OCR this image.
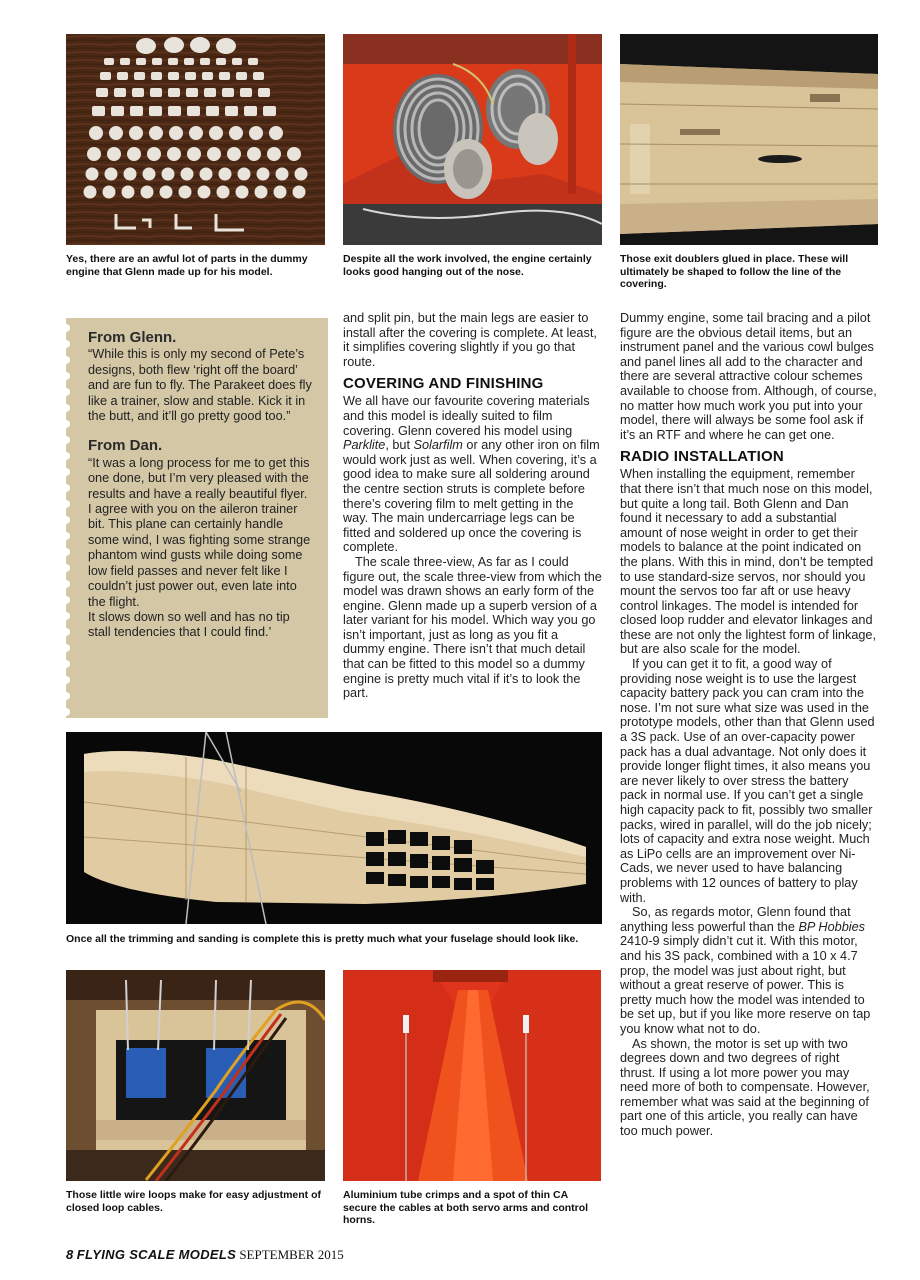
Yes, there are an awful lot of parts in the dummy engine that Glenn made up for his model.
Despite all the work involved, the engine certainly looks good hanging out of the nose.
Those exit doublers glued in place. These will ultimately be shaped to follow the line of the covering.
From Glenn.

“While this is only my second of Pete’s designs, both flew ‘right off the board’ and are fun to fly. The Parakeet does fly like a trainer, slow and stable. Kick it in the butt, and it’ll go pretty good too.”

From Dan.

“It was a long process for me to get this one done, but I’m very pleased with the results and have a really beautiful flyer. I agree with you on the aileron trainer bit. This plane can certainly handle some wind, I was fighting some strange phantom wind gusts while doing some low field passes and never felt like I couldn’t just power out, even late into the flight.

It slows down so well and has no tip stall tendencies that I could find.’

and split pin, but the main legs are easier to install after the covering is complete. At least, it simplifies covering slightly if you go that route.

COVERING AND FINISHING

We all have our favourite covering materials and this model is ideally suited to film covering. Glenn covered his model using Parklite, but Solarfilm or any other iron on film would work just as well. When covering, it’s a good idea to make sure all soldering around the centre section struts is complete before there’s covering film to melt getting in the way. The main undercarriage legs can be fitted and soldered up once the covering is complete.

The scale three-view, As far as I could figure out, the scale three-view from which the model was drawn shows an early form of the engine. Glenn made up a superb version of a later variant for his model. Which way you go isn’t important, just as long as you fit a dummy engine. There isn’t that much detail that can be fitted to this model so a dummy engine is pretty much vital if it’s to look the part.

Dummy engine, some tail bracing and a pilot figure are the obvious detail items, but an instrument panel and the various cowl bulges and panel lines all add to the character and there are several attractive colour schemes available to choose from. Although, of course, no matter how much work you put into your model, there will always be some fool ask if it’s an RTF and where he can get one.

RADIO INSTALLATION

When installing the equipment, remember that there isn’t that much nose on this model, but quite a long tail. Both Glenn and Dan found it necessary to add a substantial amount of nose weight in order to get their models to balance at the point indicated on the plans. With this in mind, don’t be tempted to use standard-size servos, nor should you mount the servos too far aft or use heavy control linkages. The model is intended for closed loop rudder and elevator linkages and these are not only the lightest form of linkage, but are also scale for the model.

If you can get it to fit, a good way of providing nose weight is to use the largest capacity battery pack you can cram into the nose. I’m not sure what size was used in the prototype models, other than that Glenn used a 3S pack. Use of an over-capacity power pack has a dual advantage. Not only does it provide longer flight times, it also means you are never likely to over stress the battery pack in normal use. If you can’t get a single high capacity pack to fit, possibly two smaller packs, wired in parallel, will do the job nicely; lots of capacity and extra nose weight. Much as LiPo cells are an improvement over Ni-Cads, we never used to have balancing problems with 12 ounces of battery to play with.

So, as regards motor, Glenn found that anything less powerful than the BP Hobbies 2410-9 simply didn’t cut it. With this motor, and his 3S pack, combined with a 10 x 4.7 prop, the model was just about right, but without a great reserve of power. This is pretty much how the model was intended to be set up, but if you like more reserve on tap you know what not to do.

As shown, the motor is set up with two degrees down and two degrees of right thrust. If using a lot more power you may need more of both to compensate. However, remember what was said at the beginning of part one of this article, you really can have too much power.

Once all the trimming and sanding is complete this is pretty much what your fuselage should look like.
Those little wire loops make for easy adjustment of closed loop cables.
Aluminium tube crimps and a spot of thin CA secure the cables at both servo arms and control horns.
8 FLYING SCALE MODELS SEPTEMBER 2015
